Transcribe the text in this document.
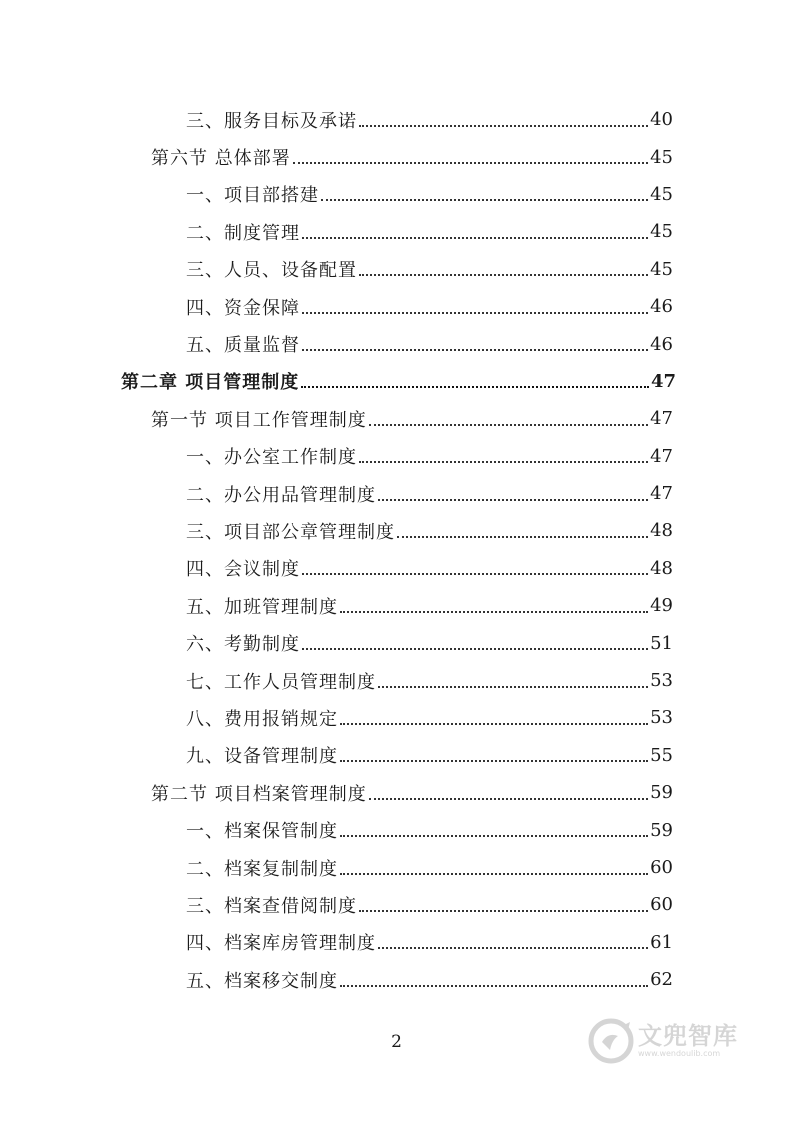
三、服务目标及承诺	40
第六节 总体部署	45
一、项目部搭建	45
二、制度管理	45
三、人员、设备配置	45
四、资金保障	46
五、质量监督	46
第二章 项目管理制度	47
第一节 项目工作管理制度	47
一、办公室工作制度	47
二、办公用品管理制度	47
三、项目部公章管理制度	48
四、会议制度	48
五、加班管理制度	49
六、考勤制度	51
七、工作人员管理制度	53
八、费用报销规定	53
九、设备管理制度	55
第二节 项目档案管理制度	59
一、档案保管制度	59
二、档案复制制度	60
三、档案查借阅制度	60
四、档案库房管理制度	61
五、档案移交制度	62
2	文兜智库
www.wendoulib.com
